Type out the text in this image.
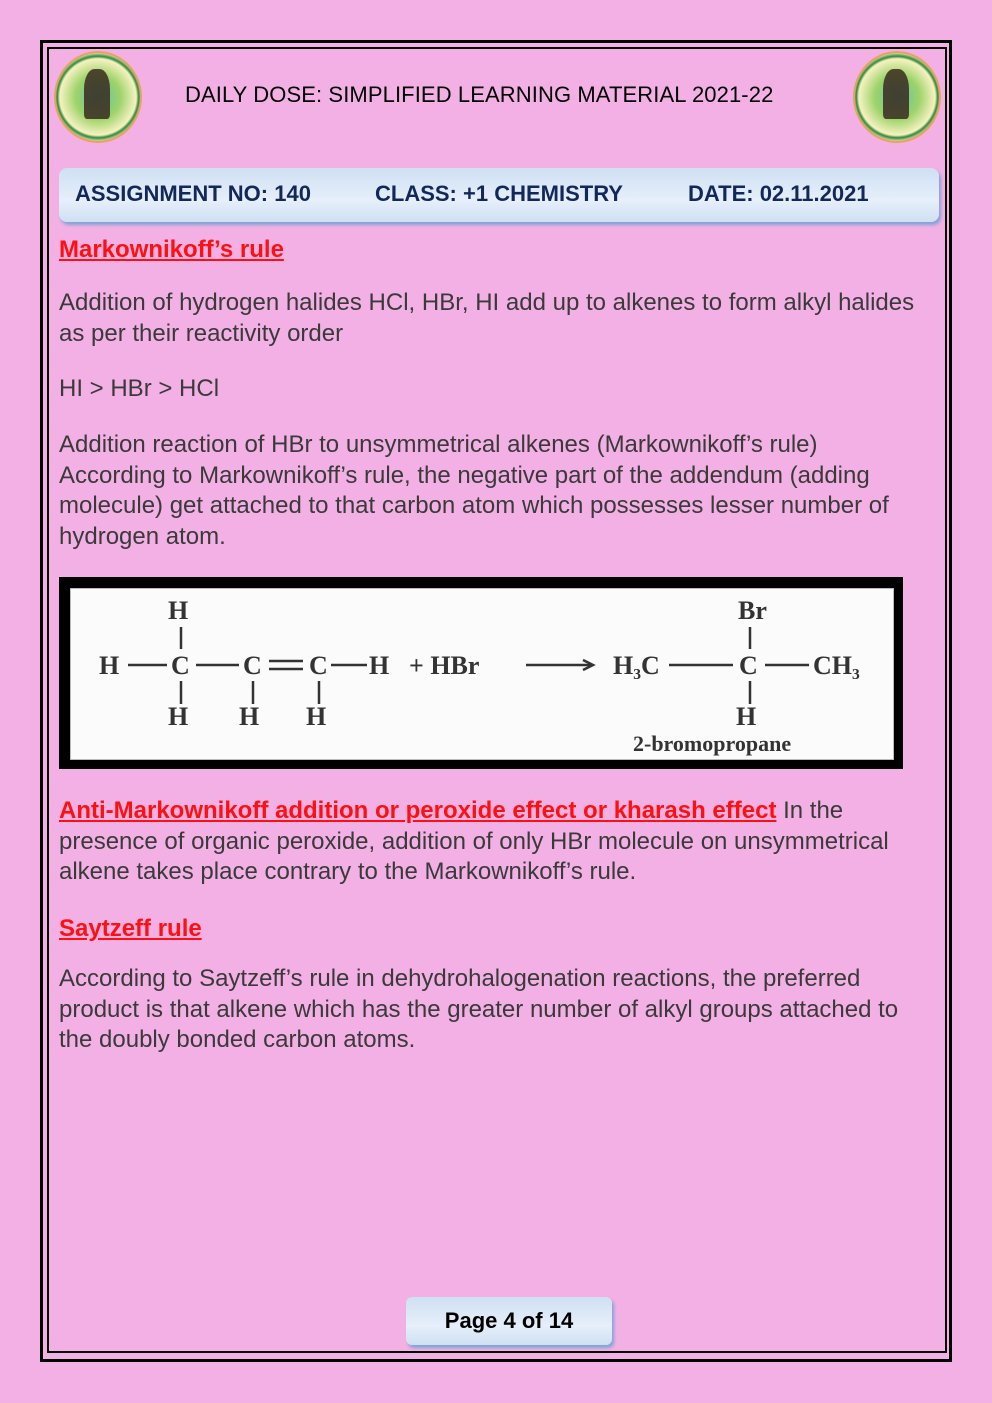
DAILY DOSE: SIMPLIFIED LEARNING MATERIAL 2021-22
ASSIGNMENT NO: 140	CLASS: +1 CHEMISTRY	DATE: 02.11.2021
Markownikoff’s rule
Addition of hydrogen halides HCl, HBr, HI add up to alkenes to form alkyl halides as per their reactivity order
HI > HBr > HCl
Addition reaction of HBr to unsymmetrical alkenes (Markownikoff’s rule) According to Markownikoff’s rule, the negative part of the addendum (adding molecule) get attached to that carbon atom which possesses lesser number of hydrogen atom.
H
H C C C H
H H H
+ HBr	H₃C	C CH₃
Br
H
2-bromopropane
Anti-Markownikoff addition or peroxide effect or kharash effect In the presence of organic peroxide, addition of only HBr molecule on unsymmetrical alkene takes place contrary to the Markownikoff’s rule.
Saytzeff rule
According to Saytzeff’s rule in dehydrohalogenation reactions, the preferred product is that alkene which has the greater number of alkyl groups attached to the doubly bonded carbon atoms.
Page 4 of 14
